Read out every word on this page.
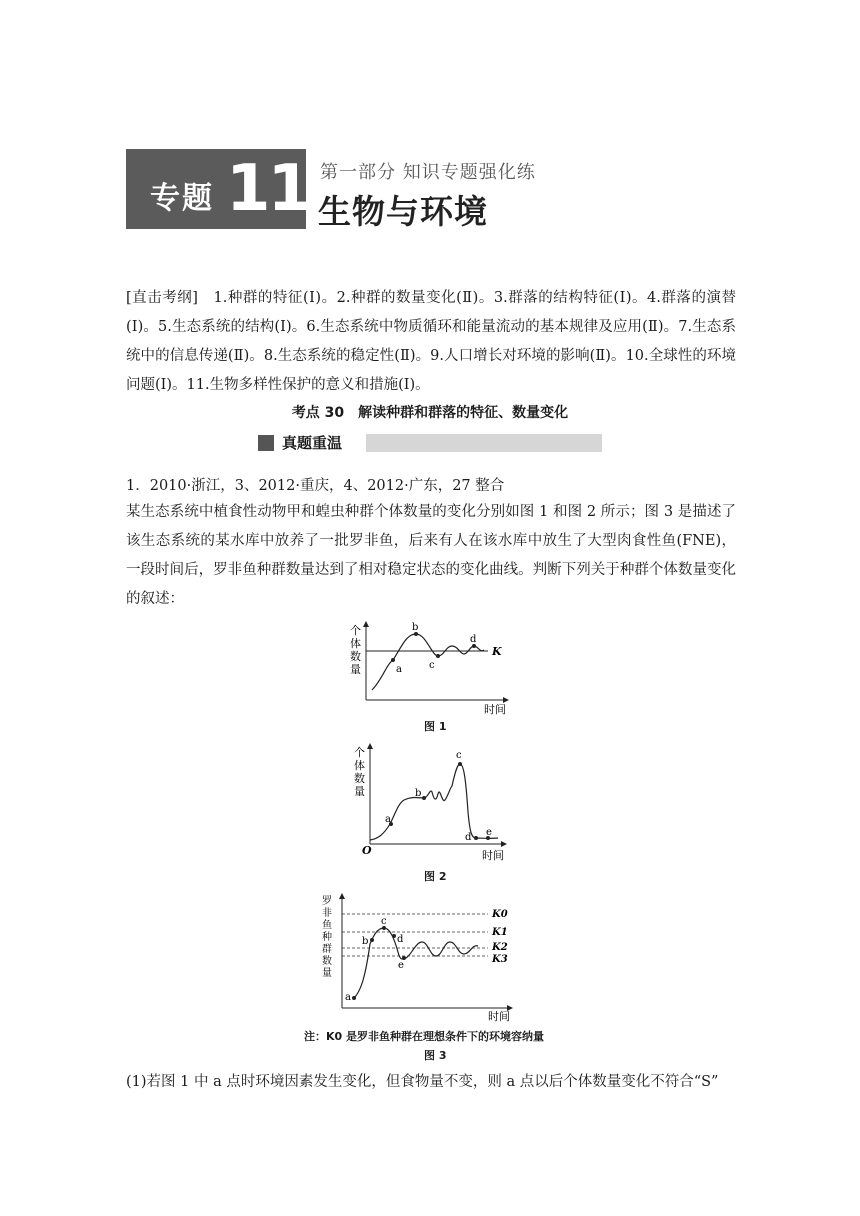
专题 11 第一部分 知识专题强化练
生物与环境
[直击考纲]　1.种群的特征(Ⅰ)。2.种群的数量变化(Ⅱ)。3.群落的结构特征(Ⅰ)。4.群落的演替(Ⅰ)。5.生态系统的结构(Ⅰ)。6.生态系统中物质循环和能量流动的基本规律及应用(Ⅱ)。7.生态系统中的信息传递(Ⅱ)。8.生态系统的稳定性(Ⅱ)。9.人口增长对环境的影响(Ⅱ)。10.全球性的环境问题(Ⅰ)。11.生物多样性保护的意义和措施(Ⅰ)。
考点 30　解读种群和群落的特征、数量变化
真题重温
1．2010·浙江，3、2012·重庆，4、2012·广东，27 整合
某生态系统中植食性动物甲和蝗虫种群个体数量的变化分别如图 1 和图 2 所示；图 3 是描述了该生态系统的某水库中放养了一批罗非鱼，后来有人在该水库中放生了大型肉食性鱼(FNE)，一段时间后，罗非鱼种群数量达到了相对稳定状态的变化曲线。判断下列关于种群个体数量变化的叙述：
个
体
数
量	a
b
c
d
K
时间
图 1
个
体
数
量
a
b
c
d e
O	时间
图 2
罗
非
鱼
种
群
数
量
a
b
c
d
e
K0
K1
K2
K3
时间
注：K0 是罗非鱼种群在理想条件下的环境容纳量
图 3
(1)若图 1 中 a 点时环境因素发生变化，但食物量不变，则 a 点以后个体数量变化不符合“S”
